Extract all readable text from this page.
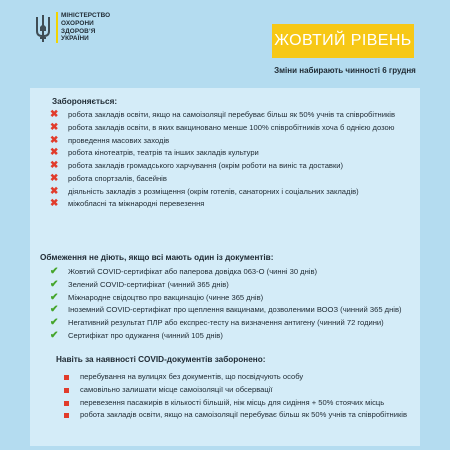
МІНІСТЕРСТВО
ОХОРОНИ
ЗДОРОВʼЯ
УКРАЇНИ	ЖОВТИЙ РІВЕНЬ
Зміни набирають чинності 6 грудня
Забороняється:
✖ робота закладів освіти, якщо на самоізоляції перебуває більш як 50% учнів та співробітників
✖ робота закладів освіти, в яких вакциновано менше 100% співробітників хоча б однією дозою
✖ проведення масових заходів
✖ робота кінотеатрів, театрів та інших закладів культури
✖ робота закладів громадського харчування (окрім роботи на виніс та доставки)
✖ робота спортзалів, басейнів
✖ діяльність закладів з розміщення (окрім готелів, санаторних і соціальних закладів)
✖ міжобласні та міжнародні перевезення
Обмеження не діють, якщо всі мають один із документів:
✔ Жовтий COVID-сертифікат або паперова довідка 063-О (чинні 30 днів)
✔ Зелений COVID-сертифікат (чинний 365 днів)
✔ Міжнародне свідоцтво про вакцинацію (чинне 365 днів)
✔ Іноземний COVID-сертифікат про щеплення вакцинами, дозволеними ВООЗ (чинний 365 днів)
✔ Негативний результат ПЛР або експрес-тесту на визначення антигену (чинний 72 години)
✔ Сертифікат про одужання (чинний 105 днів)
Навіть за наявності COVID-документів заборонено:
перебування на вулицях без документів, що посвідчують особу
самовільно залишати місце самоізоляції чи обсервації
перевезення пасажирів в кількості більшій, ніж місць для сидіння + 50% стоячих місць
робота закладів освіти, якщо на самоізоляції перебуває більш як 50% учнів та співробітників
